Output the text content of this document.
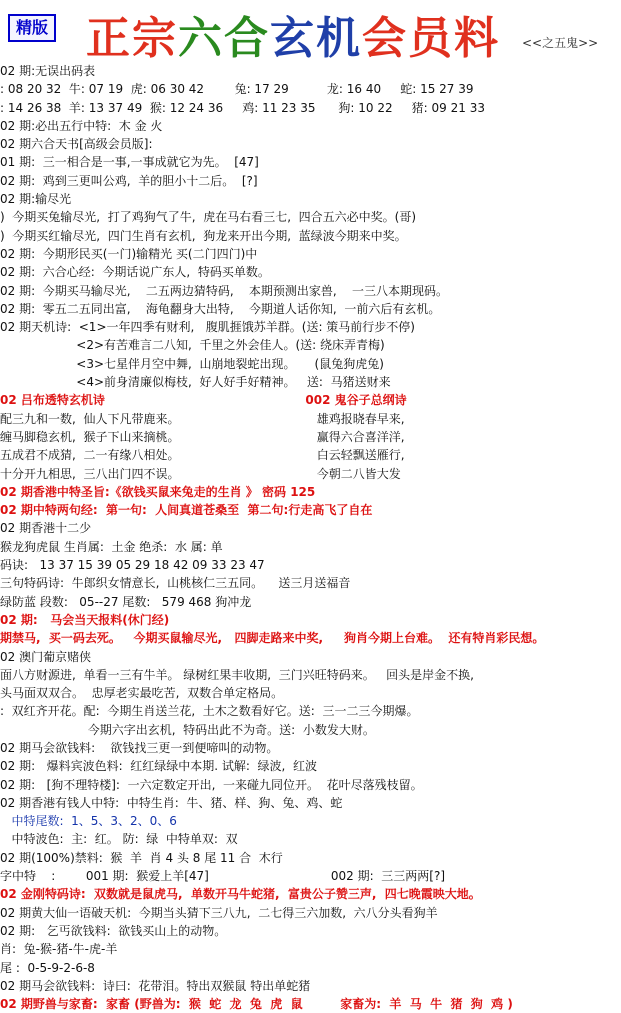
精版 正宗六合玄机会员料 <<之五鬼>>
02 期:无误出码表
: 08 20 32  牛: 07 19  虎: 06 30 42        兔: 17 29          龙: 16 40     蛇: 15 27 39
: 14 26 38  羊: 13 37 49  猴: 12 24 36     鸡: 11 23 35      狗: 10 22     猪: 09 21 33
02 期:必出五行中特:  木 金 火
02 期六合天书[高级会员版]:
01 期:  三一相合是一事,一事成就它为先。  [47]
02 期:  鸡到三更叫公鸡,  羊的胆小十二后。  [?]
02 期:输尽光
)  今期买兔输尽光,  打了鸡狗气了牛,  虎在马右看三七,  四合五六必中奖。(哥)
)  今期买红输尽光,  四门生肖有玄机,  狗龙来开出今期,  蓝绿波今期来中奖。
02 期:  今期形民买(一门)输精光 买(二门四门)中
02 期:  六合心经:  今期话说广东人,  特码买单数。
02 期:  今期买马输尽光,    二五两边猜特码,    本期预测出家兽,    一三八本期现码。
02 期:  零五二五同出富,    海龟翻身大出特,    今期道人话你知,  一前六后有玄机。
02 期天机诗:  <1>一年四季有财利,   腹肌捱饿苏羊群。(送: 策马前行步不停)
<2>有苦难言二八知,  千里之外会佳人。(送: 绕床弄青梅)
<3>七星伴月空中舞,  山崩地裂蛇出现。     (鼠兔狗虎兔)
<4>前身清廉似梅枝,  好人好手好精神。   送:  马猪送财来
02 吕布透特玄机诗                                                002 鬼谷子总纲诗
配三九和一数,  仙人下凡带鹿来。                                    雄鸡报晓春早来,
缠马脚稳玄机,  猴子下山来摘桃。                                    赢得六合喜洋洋,
五成君不成猜,  二一有缘八相处。                                    白云轻飘送雁行,
十分开九相思,  三八出门四不误。                                    今朝二八皆大发
02 期香港中特圣旨:《欲钱买鼠来兔走的生肖 》 密码 125
02 期中特两句经:  第一句:  人间真道苍桑至  第二句:行走高飞了自在
02 期香港十二少
猴龙狗虎鼠 生肖属:  土金 绝杀:  水 属: 单
码诀:   13 37 15 39 05 29 18 42 09 33 23 47
三句特码诗:  牛郎织女情意长,  山桃核仁三五同。    送三月送福音
绿防蓝 段数:   05--27 尾数:   579 468 狗冲龙
02 期:   马会当天报料(休门经)
期禁马,  买一码去死。   今期买鼠输尽光,   四脚走路来中奖,     狗肖今期上台难。  还有特肖彩民想。
02 澳门葡京赌侠
面八方财源进,  单看一三有牛羊。 绿树红果丰收期,  三门兴旺特码来。   回头是岸金不换,
头马面双双合。  忠厚老实最吃苦,  双数合单定格局。
:  双红齐开花。配:  今期生肖送兰花,  土木之数看好它。送:  三一二三今期爆。
今期六字出玄机,  特码出此不为奇。送:  小数发大财。
02 期马会欲钱料:    欲钱找三更一到便啼叫的动物。
02 期:   爆料宾波色料:  红红绿绿中本期. 试解:  绿波,  红波
02 期:   [狗不理特楼]:  一六定数定开出,  一来碰九同位开。  花叶尽落残枝留。
02 期香港有钱人中特:  中特生肖:  牛、猪、样、狗、兔、鸡、蛇
中特尾数:  1、5、3、2、0、6
中特波色:  主:  红。 防:  绿  中特单双:  双
02 期(100%)禁料:  猴  羊  肖 4 头 8 尾 11 合  木行
字中特    :        001 期:  猴爱上羊[47]                                002 期:  三三两两[?]
02 金刚特码诗:  双数就是鼠虎马,  单数开马牛蛇猪,  富贵公子赞三声,  四七晚霞映大地。
02 期黄大仙一语破天机:  今期当头猜下三八九,  二七得三六加数,  六八分头看狗羊
02 期:   乞丐欲钱料:  欲钱买山上的动物。
肖:  兔-猴-猪-牛-虎-羊
尾 :  0-5-9-2-6-8
02 期马会欲钱料:  诗曰:  花带泪。特出双猴鼠 特出单蛇猪
02 期野兽与家畜:  家畜 (野兽为:  猴  蛇  龙  兔  虎  鼠         家畜为:  羊  马  牛  猪  狗  鸡 )
